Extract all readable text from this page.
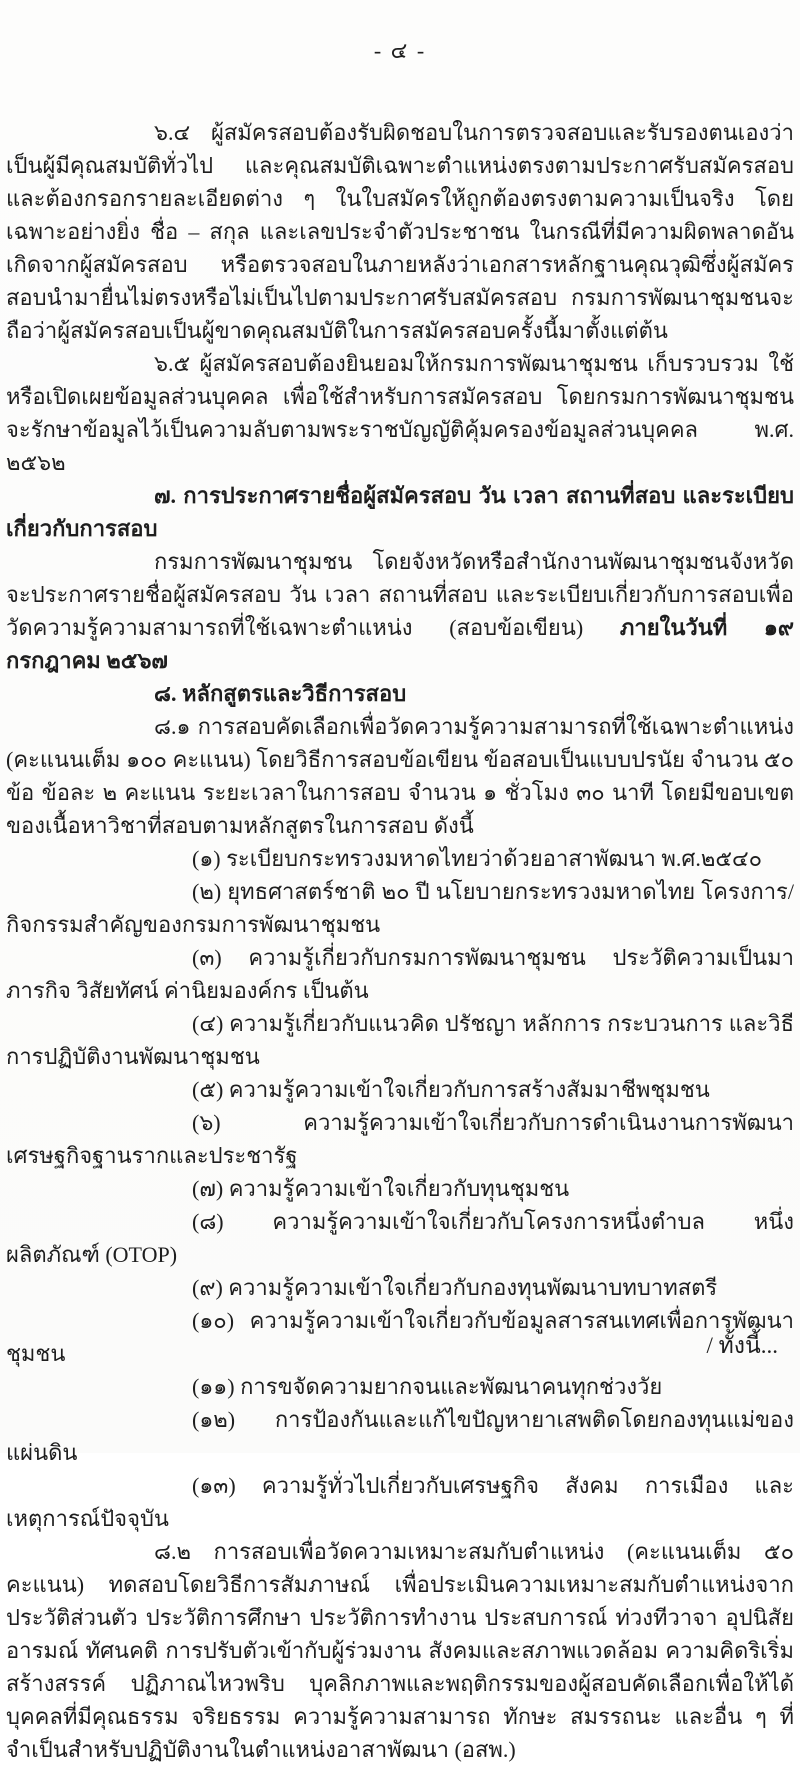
- ๔ -

๖.๔ ผู้สมัครสอบต้องรับผิดชอบในการตรวจสอบและรับรองตนเองว่า เป็นผู้มีคุณสมบัติทั่วไป และคุณสมบัติเฉพาะตำแหน่งตรงตามประกาศรับสมัครสอบ และต้องกรอกรายละเอียดต่าง ๆ ในใบสมัครให้ถูกต้องตรงตามความเป็นจริง โดยเฉพาะอย่างยิ่ง ชื่อ – สกุล และเลขประจำตัวประชาชน ในกรณีที่มีความผิดพลาดอันเกิดจากผู้สมัครสอบ หรือตรวจสอบในภายหลังว่าเอกสารหลักฐานคุณวุฒิซึ่งผู้สมัครสอบนำมายื่นไม่ตรงหรือไม่เป็นไปตามประกาศรับสมัครสอบ กรมการพัฒนาชุมชนจะถือว่าผู้สมัครสอบเป็นผู้ขาดคุณสมบัติในการสมัครสอบครั้งนี้มาตั้งแต่ต้น

๖.๕ ผู้สมัครสอบต้องยินยอมให้กรมการพัฒนาชุมชน เก็บรวบรวม ใช้ หรือเปิดเผยข้อมูลส่วนบุคคล เพื่อใช้สำหรับการสมัครสอบ โดยกรมการพัฒนาชุมชนจะรักษาข้อมูลไว้เป็นความลับตามพระราชบัญญัติคุ้มครองข้อมูลส่วนบุคคล พ.ศ. ๒๕๖๒

๗. การประกาศรายชื่อผู้สมัครสอบ วัน เวลา สถานที่สอบ และระเบียบเกี่ยวกับการสอบ

กรมการพัฒนาชุมชน โดยจังหวัดหรือสำนักงานพัฒนาชุมชนจังหวัด จะประกาศรายชื่อผู้สมัครสอบ วัน เวลา สถานที่สอบ และระเบียบเกี่ยวกับการสอบเพื่อวัดความรู้ความสามารถที่ใช้เฉพาะตำแหน่ง (สอบข้อเขียน) ภายในวันที่ ๑๙ กรกฎาคม ๒๕๖๗

๘. หลักสูตรและวิธีการสอบ

๘.๑ การสอบคัดเลือกเพื่อวัดความรู้ความสามารถที่ใช้เฉพาะตำแหน่ง (คะแนนเต็ม ๑๐๐ คะแนน) โดยวิธีการสอบข้อเขียน ข้อสอบเป็นแบบปรนัย จำนวน ๕๐ ข้อ ข้อละ ๒ คะแนน ระยะเวลาในการสอบ จำนวน ๑ ชั่วโมง ๓๐ นาที โดยมีขอบเขตของเนื้อหาวิชาที่สอบตามหลักสูตรในการสอบ ดังนี้

(๑) ระเบียบกระทรวงมหาดไทยว่าด้วยอาสาพัฒนา พ.ศ.๒๕๔๐

(๒) ยุทธศาสตร์ชาติ ๒๐ ปี นโยบายกระทรวงมหาดไทย โครงการ/กิจกรรมสำคัญของกรมการพัฒนาชุมชน

(๓) ความรู้เกี่ยวกับกรมการพัฒนาชุมชน ประวัติความเป็นมา ภารกิจ วิสัยทัศน์ ค่านิยมองค์กร เป็นต้น

(๔) ความรู้เกี่ยวกับแนวคิด ปรัชญา หลักการ กระบวนการ และวิธีการปฏิบัติงานพัฒนาชุมชน

(๕) ความรู้ความเข้าใจเกี่ยวกับการสร้างสัมมาชีพชุมชน

(๖) ความรู้ความเข้าใจเกี่ยวกับการดำเนินงานการพัฒนาเศรษฐกิจฐานรากและประชารัฐ

(๗) ความรู้ความเข้าใจเกี่ยวกับทุนชุมชน

(๘) ความรู้ความเข้าใจเกี่ยวกับโครงการหนึ่งตำบล หนึ่งผลิตภัณฑ์ (OTOP)

(๙) ความรู้ความเข้าใจเกี่ยวกับกองทุนพัฒนาบทบาทสตรี

(๑๐) ความรู้ความเข้าใจเกี่ยวกับข้อมูลสารสนเทศเพื่อการพัฒนาชุมชน

(๑๑) การขจัดความยากจนและพัฒนาคนทุกช่วงวัย

(๑๒) การป้องกันและแก้ไขปัญหายาเสพติดโดยกองทุนแม่ของแผ่นดิน

(๑๓) ความรู้ทั่วไปเกี่ยวกับเศรษฐกิจ สังคม การเมือง และเหตุการณ์ปัจจุบัน

๘.๒ การสอบเพื่อวัดความเหมาะสมกับตำแหน่ง (คะแนนเต็ม ๕๐ คะแนน) ทดสอบโดยวิธีการสัมภาษณ์ เพื่อประเมินความเหมาะสมกับตำแหน่งจากประวัติส่วนตัว ประวัติการศึกษา ประวัติการทำงาน ประสบการณ์ ท่วงทีวาจา อุปนิสัย อารมณ์ ทัศนคติ การปรับตัวเข้ากับผู้ร่วมงาน สังคมและสภาพแวดล้อม ความคิดริเริ่มสร้างสรรค์ ปฏิภาณไหวพริบ บุคลิกภาพและพฤติกรรมของผู้สอบคัดเลือกเพื่อให้ได้บุคคลที่มีคุณธรรม จริยธรรม ความรู้ความสามารถ ทักษะ สมรรถนะ และอื่น ๆ ที่จำเป็นสำหรับปฏิบัติงานในตำแหน่งอาสาพัฒนา (อสพ.)

/ ทั้งนี้...
